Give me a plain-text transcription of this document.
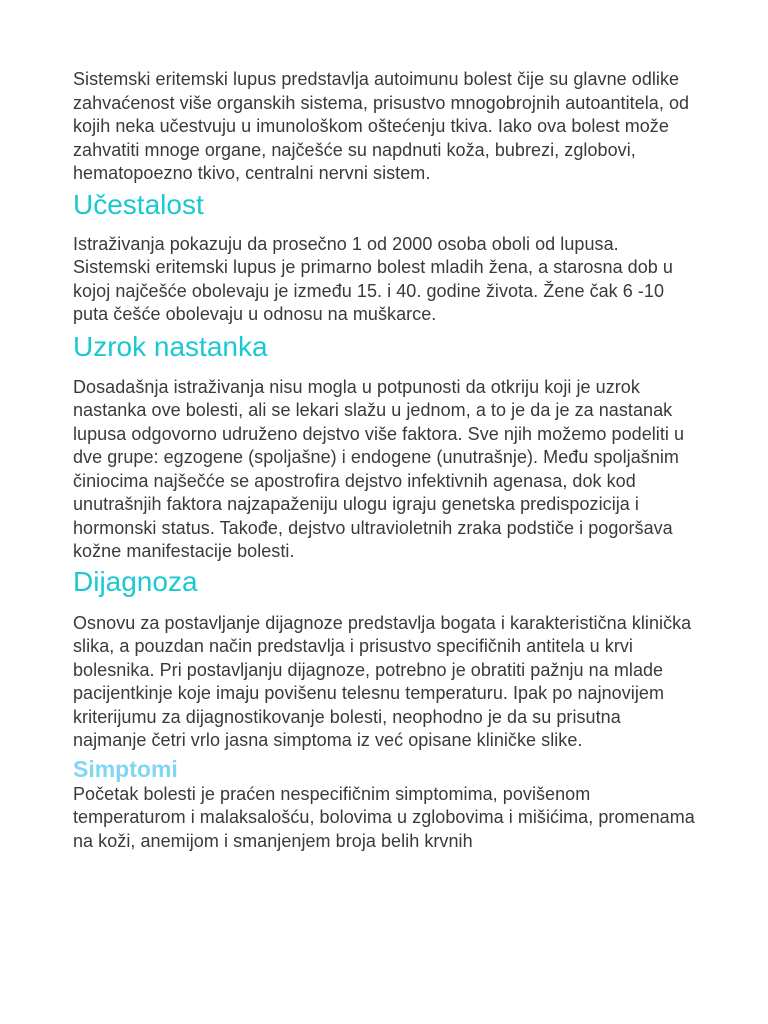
Sistemski eritemski lupus predstavlja autoimunu bolest čije su glavne odlike zahvaćenost više organskih sistema, prisustvo mnogobrojnih autoantitela, od kojih neka učestvuju u imunološkom oštećenju tkiva. Iako ova bolest može zahvatiti mnoge organe, najčešće su napdnuti koža, bubrezi, zglobovi, hematopoezno tkivo, centralni nervni sistem.

Učestalost

Istraživanja pokazuju da prosečno 1 od 2000 osoba oboli od lupusa. Sistemski eritemski lupus je primarno bolest mladih žena, a starosna dob u kojoj najčešće obolevaju je između 15. i 40. godine života. Žene čak 6 -10 puta češće obolevaju u odnosu na muškarce.

Uzrok nastanka

Dosadašnja istraživanja nisu mogla u potpunosti da otkriju koji je uzrok nastanka ove bolesti, ali se lekari slažu u jednom, a to je da je za nastanak lupusa odgovorno udruženo dejstvo više faktora. Sve njih možemo podeliti u dve grupe: egzogene (spoljašne) i endogene (unutrašnje). Među spoljašnim činiocima najšečće se apostrofira dejstvo infektivnih agenasa, dok kod unutrašnjih faktora najzapaženiju ulogu igraju genetska predispozicija i hormonski status. Takođe, dejstvo ultravioletnih zraka podstiče i pogoršava kožne manifestacije bolesti.

Dijagnoza

Osnovu za postavljanje dijagnoze predstavlja bogata i karakteristična klinička slika, a pouzdan način predstavlja i prisustvo specifičnih antitela u krvi bolesnika. Pri postavljanju dijagnoze, potrebno je obratiti pažnju na mlade pacijentkinje koje imaju povišenu telesnu temperaturu. Ipak po najnovijem kriterijumu za dijagnostikovanje bolesti, neophodno je da su prisutna najmanje četri vrlo jasna simptoma iz već opisane kliničke slike.

Simptomi

Početak bolesti je praćen nespecifičnim simptomima, povišenom temperaturom i malaksalošću, bolovima u zglobovima i mišićima, promenama na koži, anemijom i smanjenjem broja belih krvnih
